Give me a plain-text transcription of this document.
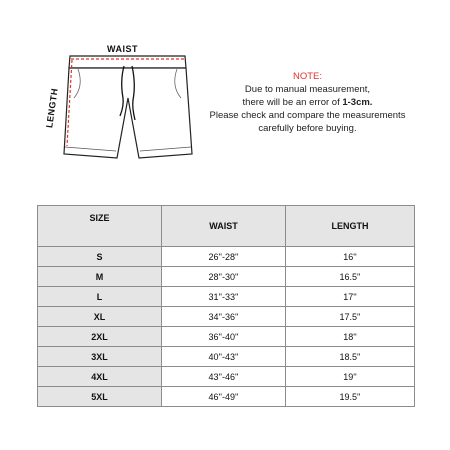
WAIST
LENGTH
NOTE:
Due to manual measurement,
there will be an error of 1-3cm.
Please check and compare the measurements
carefully before buying.
SIZE	WAIST	LENGTH
S	26''-28''	16''
M	28''-30''	16.5''
L	31''-33''	17''
XL	34''-36''	17.5''
2XL	36''-40''	18''
3XL	40''-43''	18.5''
4XL	43''-46''	19''
5XL	46''-49''	19.5''
